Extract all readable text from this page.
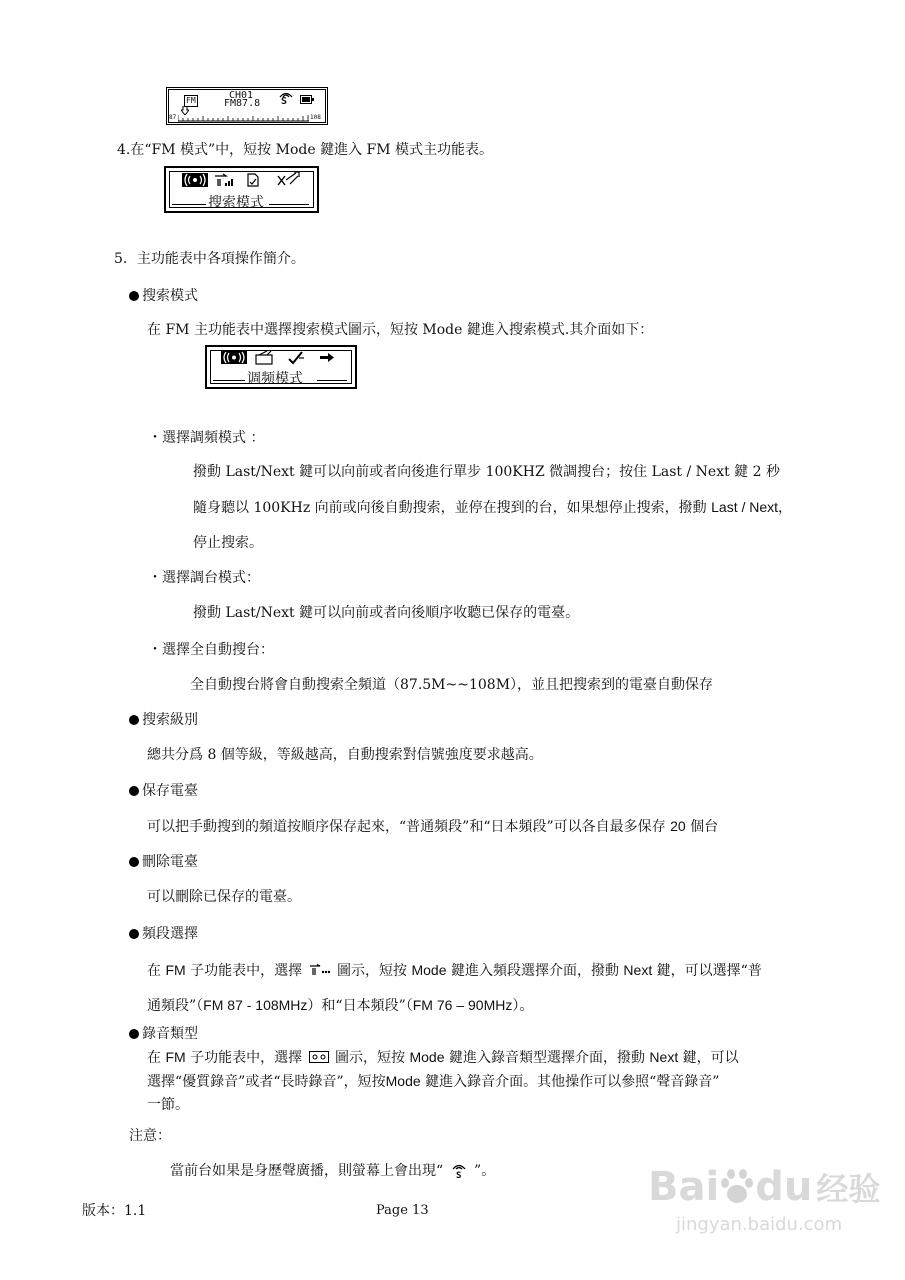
FM	CH01
FM87.8 S
87	108
4.在“FM 模式”中，短按 Mode 鍵進入 FM 模式主功能表。
搜索模式
5．主功能表中各項操作簡介。
搜索模式
在 FM 主功能表中選擇搜索模式圖示，短按 Mode 鍵進入搜索模式.其介面如下：
调频模式
・選擇調頻模式 ：
撥動 Last/Next 鍵可以向前或者向後進行單步 100KHZ 微調搜台；按住 Last / Next 鍵 2 秒
隨身聽以 100KHz 向前或向後自動搜索，並停在搜到的台，如果想停止搜索，撥動 Last / Next，
停止搜索。
・選擇調台模式：
撥動 Last/Next 鍵可以向前或者向後順序收聽已保存的電臺。
・選擇全自動搜台：
全自動搜台將會自動搜索全頻道（87.5M~~108M），並且把搜索到的電臺自動保存
搜索級別
總共分爲 8 個等級，等級越高，自動搜索對信號強度要求越高。
保存電臺
可以把手動搜到的頻道按順序保存起來，“普通頻段”和“日本頻段”可以各自最多保存 20 個台
刪除電臺
可以刪除已保存的電臺。
頻段選擇
在 FM 子功能表中，選擇  圖示，短按 Mode 鍵進入頻段選擇介面，撥動 Next 鍵，可以選擇“普
通頻段”（FM 87 - 108MHz）和“日本頻段”（FM 76 – 90MHz）。
錄音類型
在 FM 子功能表中，選擇  圖示，短按 Mode 鍵進入錄音類型選擇介面，撥動 Next 鍵，可以
選擇“優質錄音”或者“長時錄音”，短按Mode 鍵進入錄音介面。其他操作可以參照“聲音錄音”
一節。
注意：
當前台如果是身歷聲廣播，則螢幕上會出現“ S ”。
版本：1.1	Page 13
Bai du 经验
jingyan.baidu.com
